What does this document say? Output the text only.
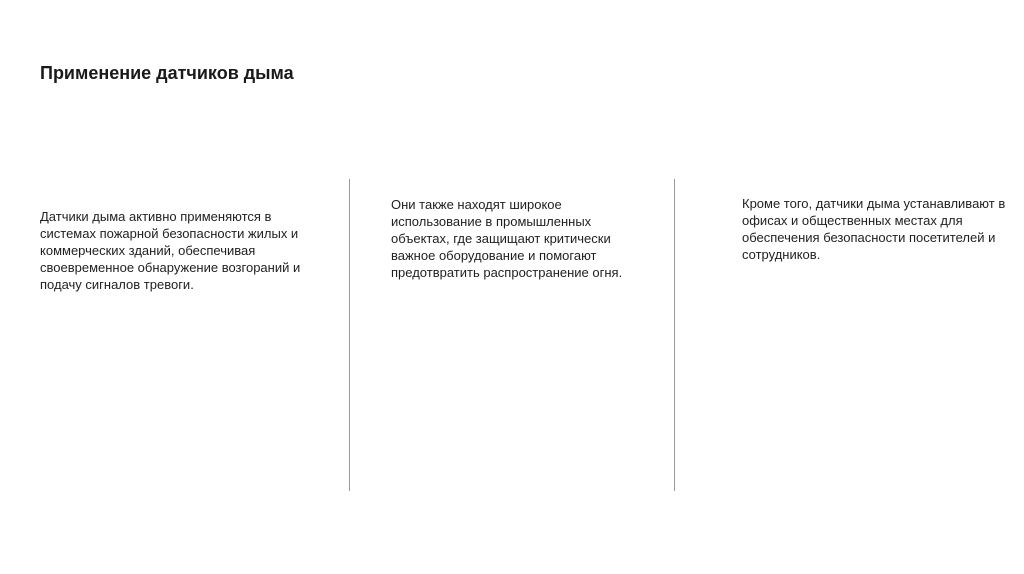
Применение датчиков дыма

Датчики дыма активно применяются в системах пожарной безопасности жилых и коммерческих зданий, обеспечивая своевременное обнаружение возгораний и подачу сигналов тревоги.

Они также находят широкое использование в промышленных объектах, где защищают критически важное оборудование и помогают предотвратить распространение огня.

Кроме того, датчики дыма устанавливают в офисах и общественных местах для обеспечения безопасности посетителей и сотрудников.
